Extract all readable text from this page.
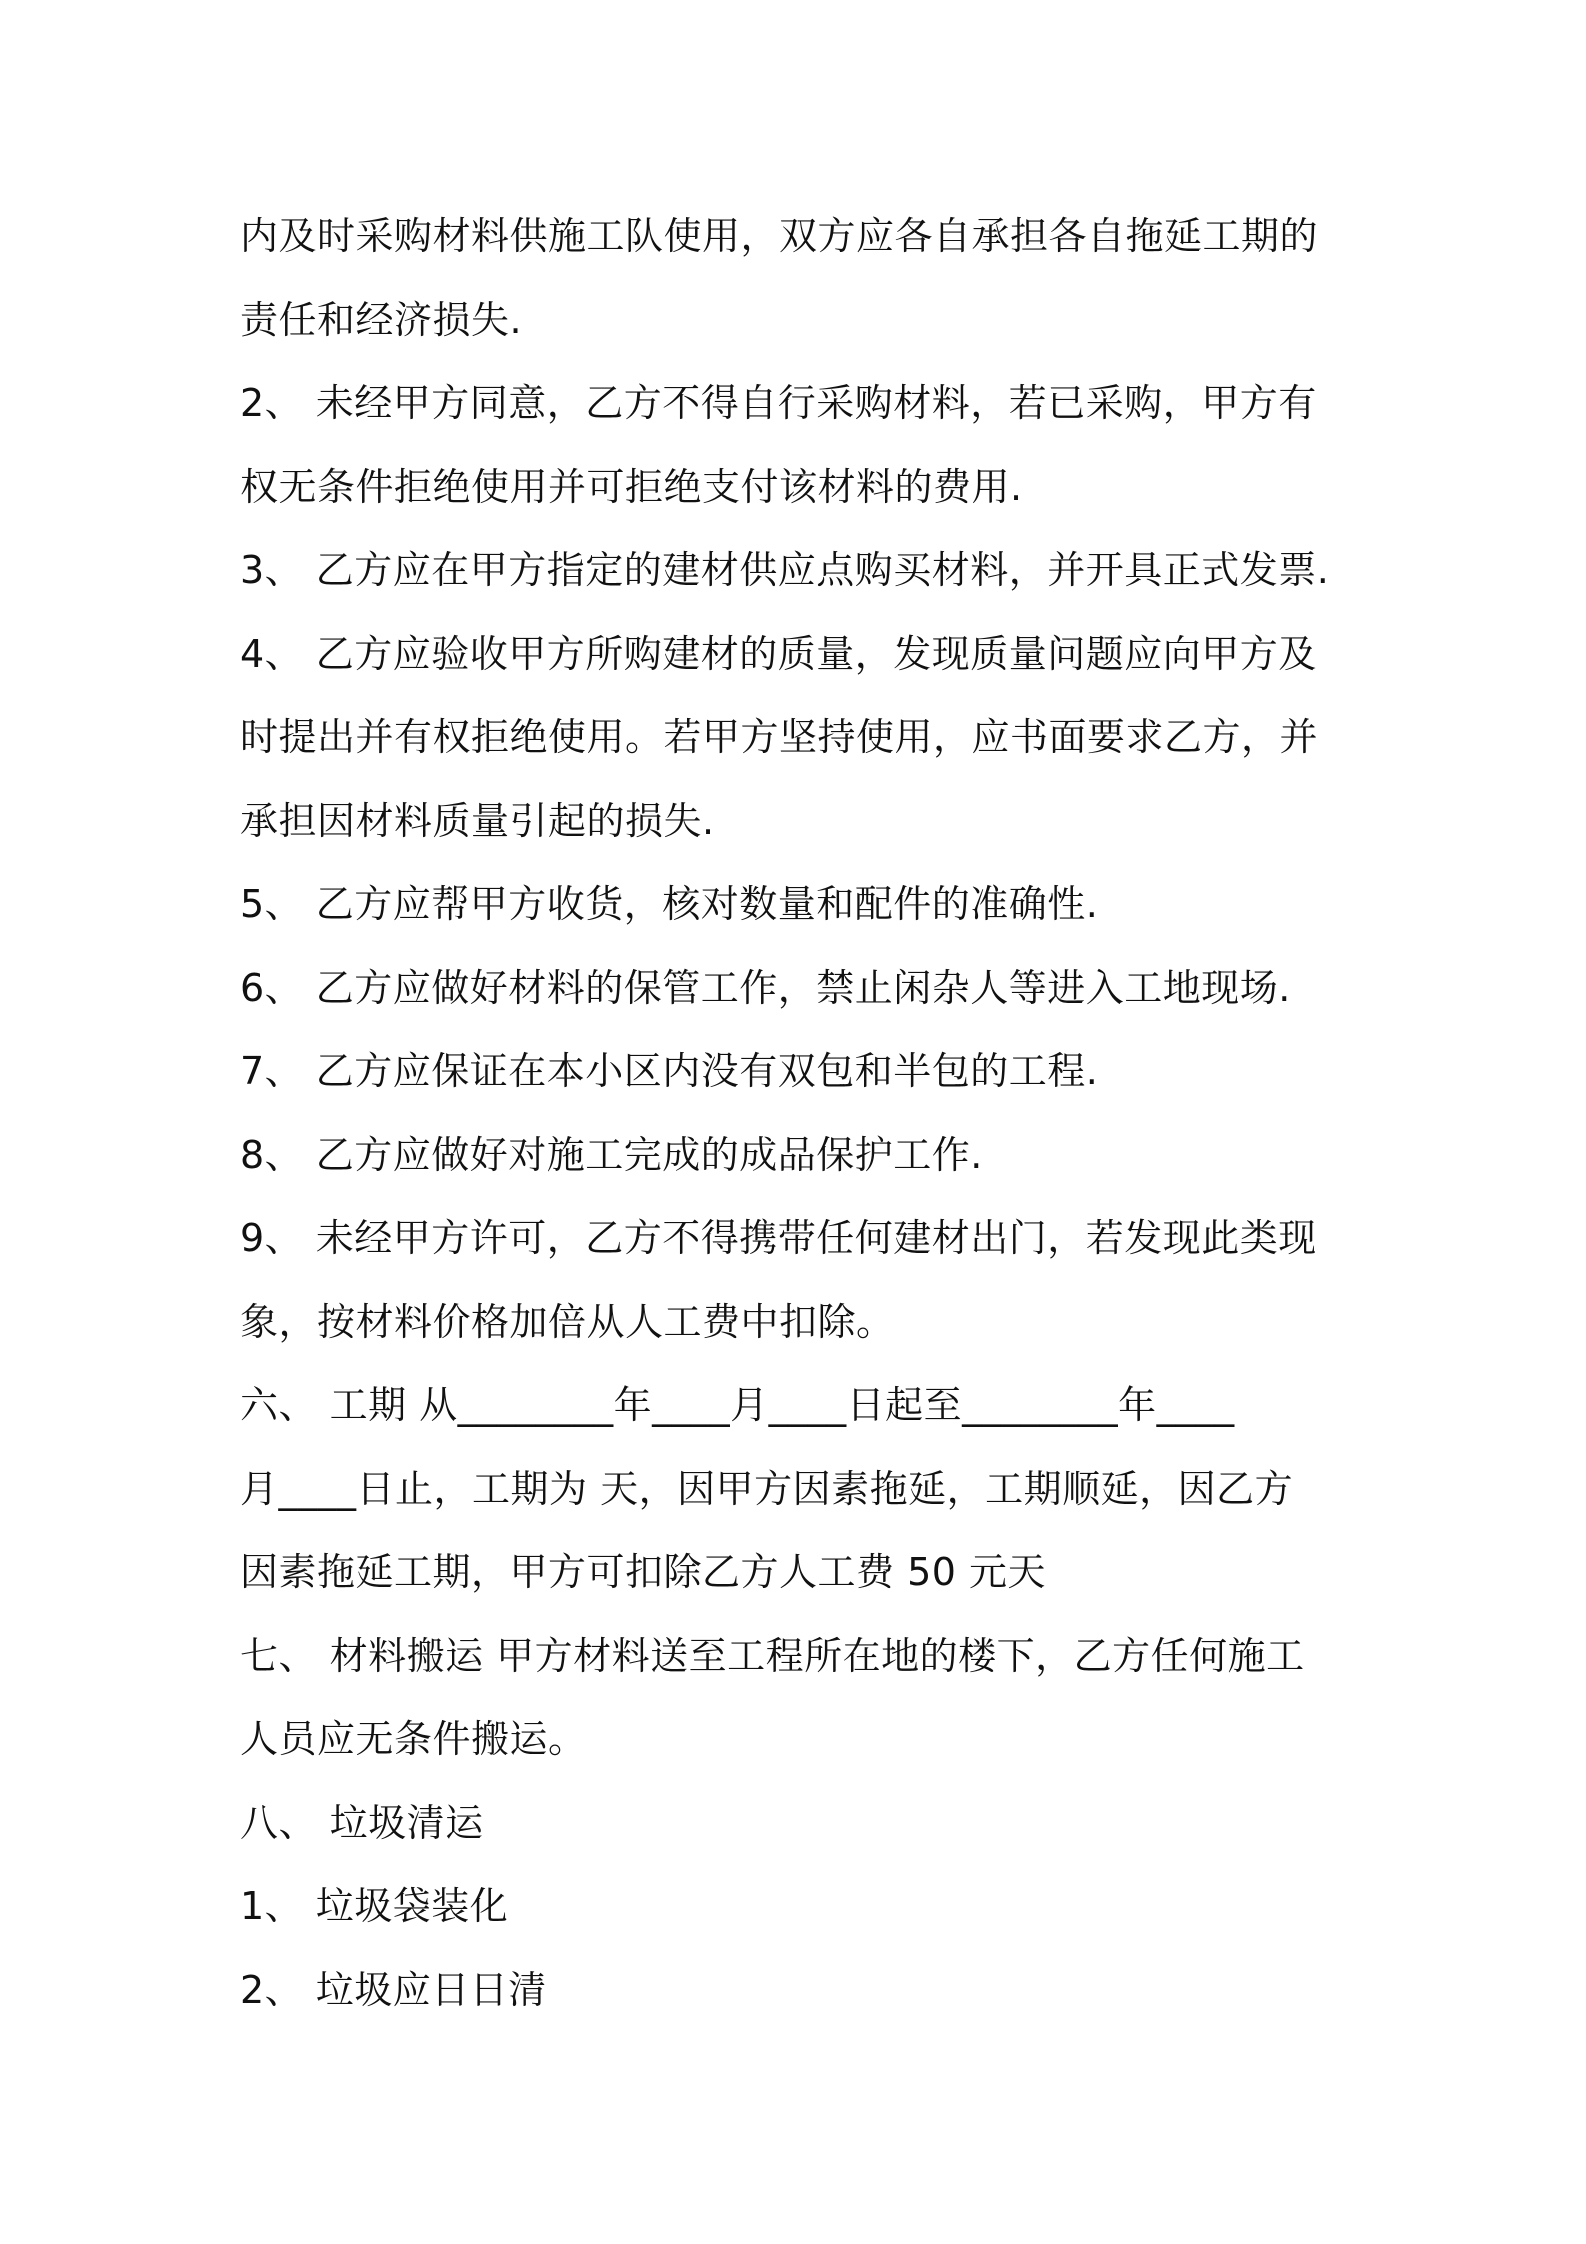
内及时采购材料供施工队使用，双方应各自承担各自拖延工期的
责任和经济损失.
2、 未经甲方同意，乙方不得自行采购材料，若已采购，甲方有
权无条件拒绝使用并可拒绝支付该材料的费用.
3、 乙方应在甲方指定的建材供应点购买材料，并开具正式发票.
4、 乙方应验收甲方所购建材的质量，发现质量问题应向甲方及
时提出并有权拒绝使用。若甲方坚持使用，应书面要求乙方，并
承担因材料质量引起的损失.
5、 乙方应帮甲方收货，核对数量和配件的准确性.
6、 乙方应做好材料的保管工作，禁止闲杂人等进入工地现场.
7、 乙方应保证在本小区内没有双包和半包的工程.
8、 乙方应做好对施工完成的成品保护工作.
9、 未经甲方许可，乙方不得携带任何建材出门，若发现此类现
象，按材料价格加倍从人工费中扣除。
六、 工期 从________年____月____日起至________年____
月____日止，工期为 天，因甲方因素拖延，工期顺延，因乙方
因素拖延工期，甲方可扣除乙方人工费 50 元天
七、 材料搬运 甲方材料送至工程所在地的楼下，乙方任何施工
人员应无条件搬运。
八、 垃圾清运
1、 垃圾袋装化
2、 垃圾应日日清
